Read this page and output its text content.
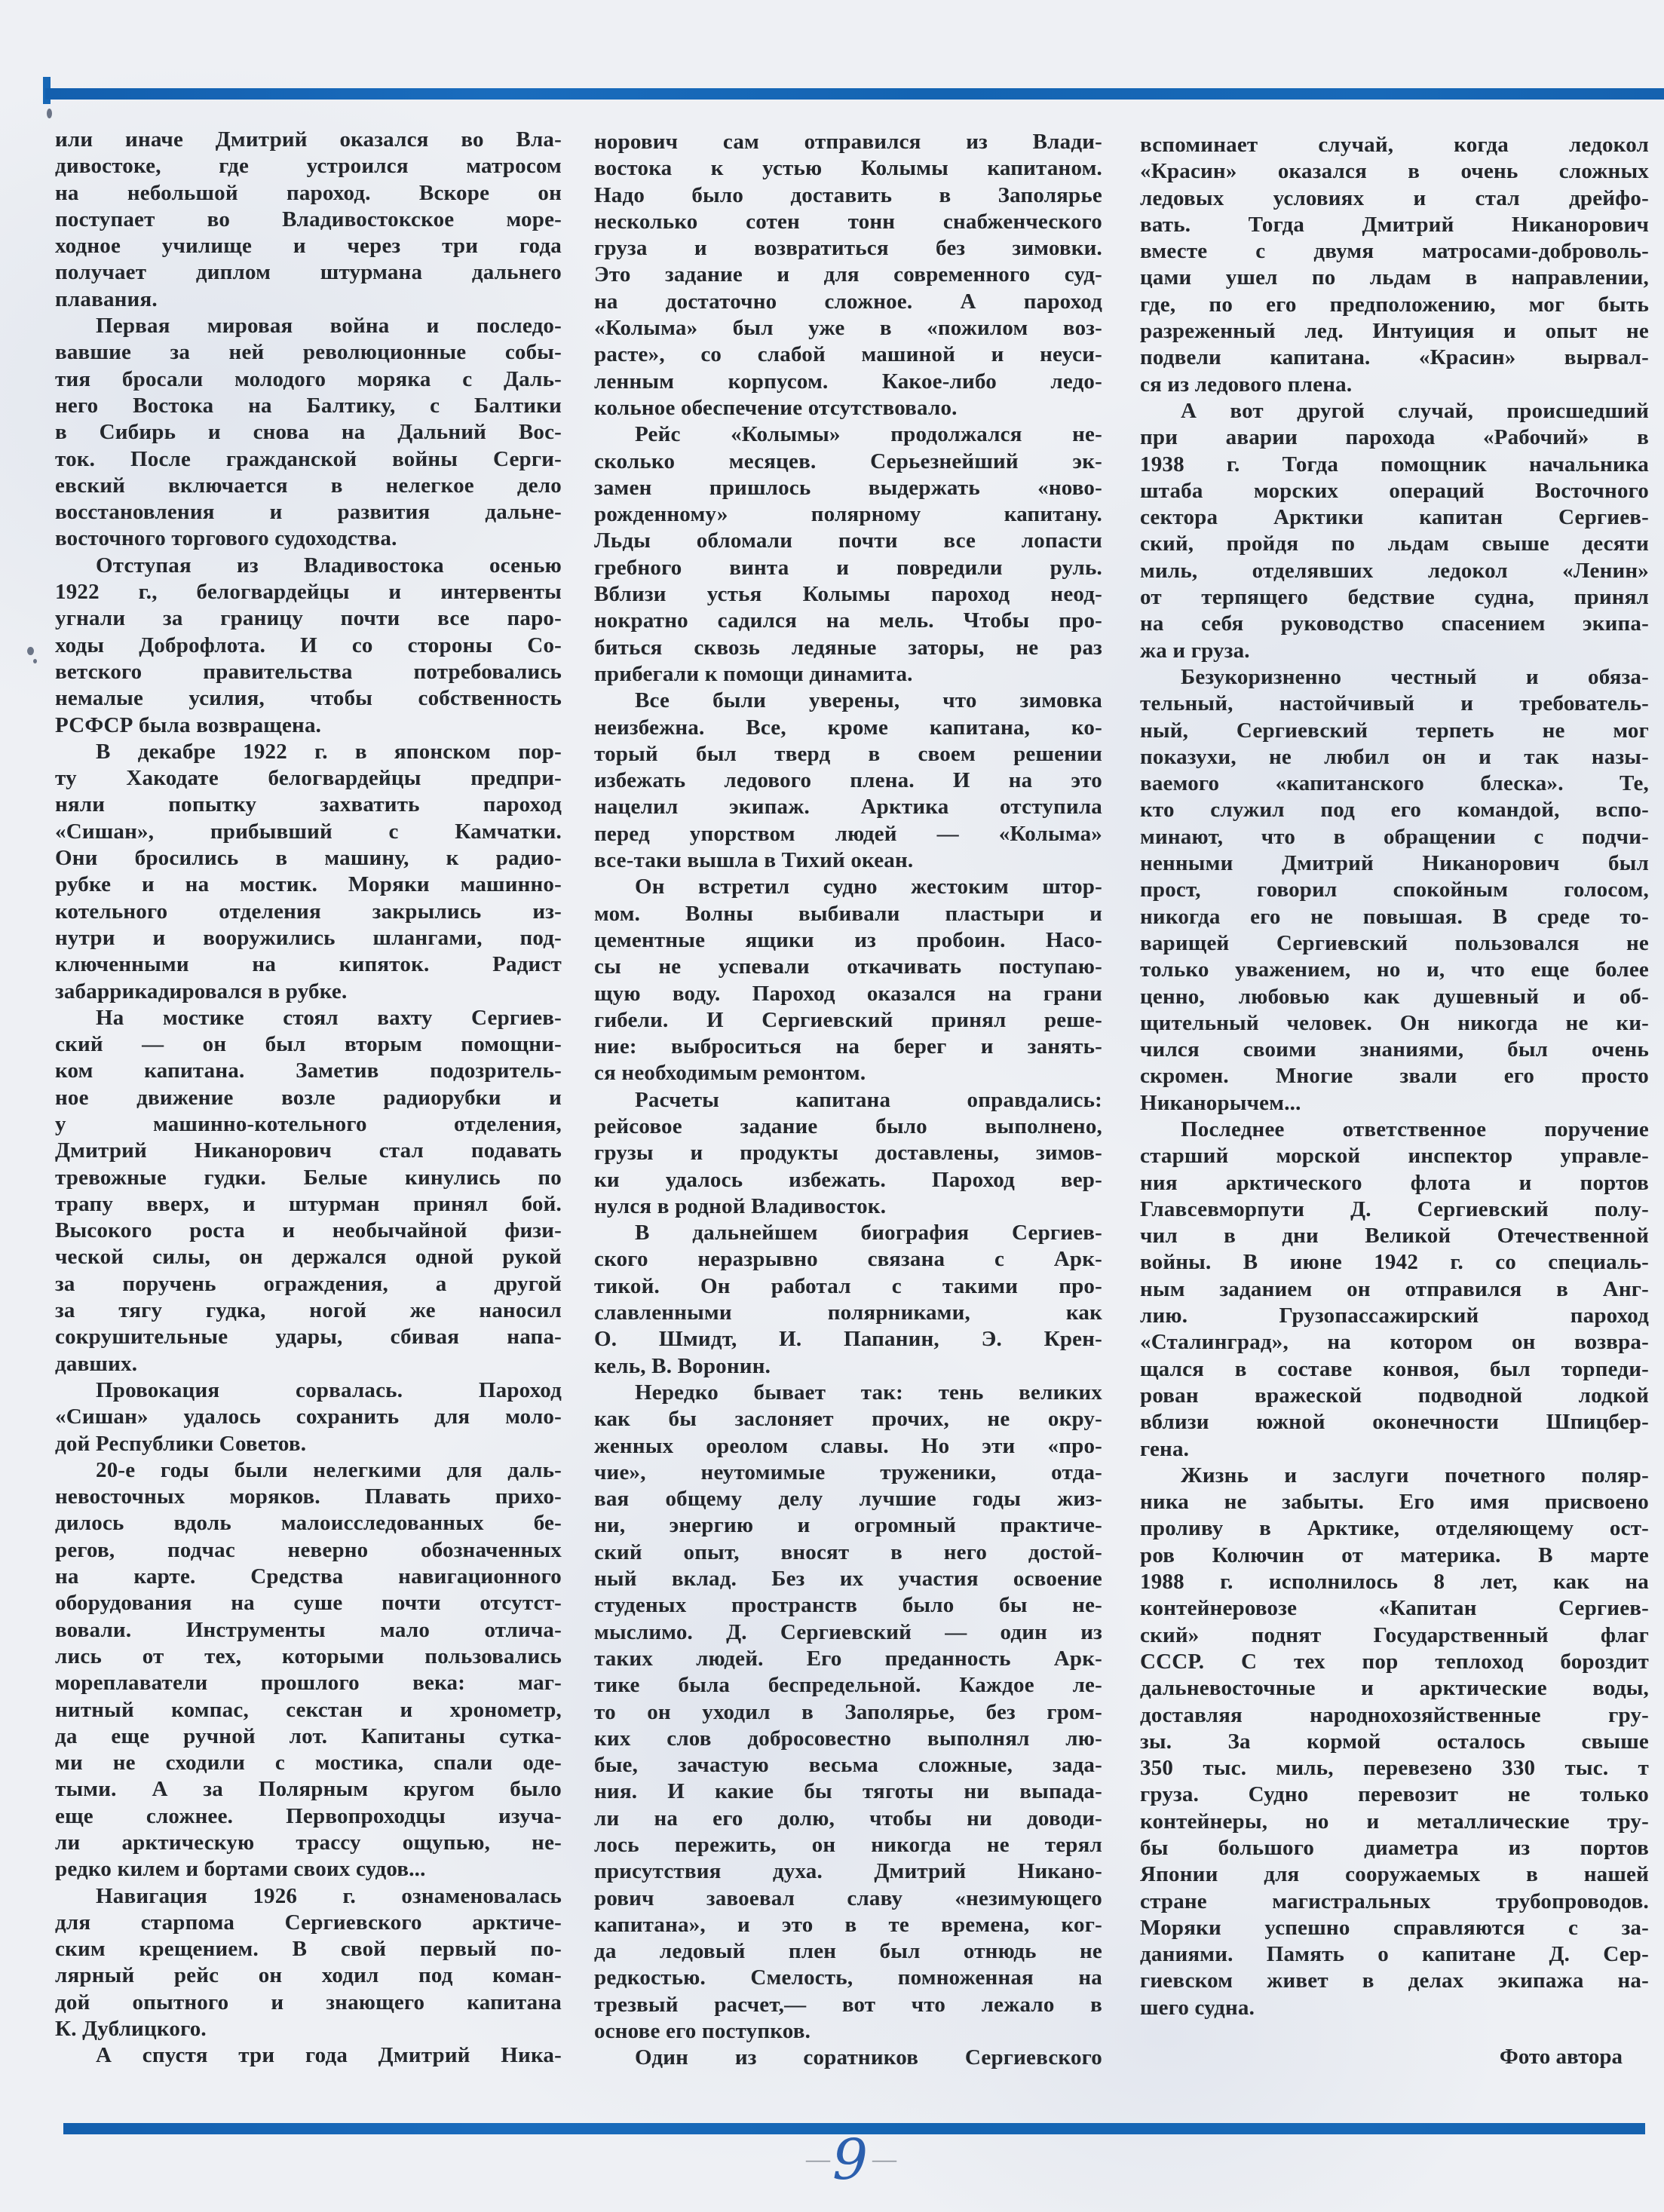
или иначе Дмитрий оказался во Вла-
дивостоке, где устроился матросом
на небольшой пароход. Вскоре он
поступает во Владивостокское море-
ходное училище и через три года
получает диплом штурмана дальнего
плавания.
Первая мировая война и последо-
вавшие за ней революционные собы-
тия бросали молодого моряка с Даль-
него Востока на Балтику, с Балтики
в Сибирь и снова на Дальний Вос-
ток. После гражданской войны Серги-
евский включается в нелегкое дело
восстановления и развития дальне-
восточного торгового судоходства.
Отступая из Владивостока осенью
1922 г., белогвардейцы и интервенты
угнали за границу почти все паро-
ходы Доброфлота. И со стороны Со-
ветского правительства потребовались
немалые усилия, чтобы собственность
РСФСР была возвращена.
В декабре 1922 г. в японском пор-
ту Хакодате белогвардейцы предпри-
няли попытку захватить пароход
«Сишан», прибывший с Камчатки.
Они бросились в машину, к радио-
рубке и на мостик. Моряки машинно-
котельного отделения закрылись из-
нутри и вооружились шлангами, под-
ключенными на кипяток. Радист
забаррикадировался в рубке.
На мостике стоял вахту Сергиев-
ский — он был вторым помощни-
ком капитана. Заметив подозритель-
ное движение возле радиорубки и
у машинно-котельного отделения,
Дмитрий Никанорович стал подавать
тревожные гудки. Белые кинулись по
трапу вверх, и штурман принял бой.
Высокого роста и необычайной физи-
ческой силы, он держался одной рукой
за поручень ограждения, а другой
за тягу гудка, ногой же наносил
сокрушительные удары, сбивая напа-
давших.
Провокация сорвалась. Пароход
«Сишан» удалось сохранить для моло-
дой Республики Советов.
20-е годы были нелегкими для даль-
невосточных моряков. Плавать прихо-
дилось вдоль малоисследованных бе-
регов, подчас неверно обозначенных
на карте. Средства навигационного
оборудования на суше почти отсутст-
вовали. Инструменты мало отлича-
лись от тех, которыми пользовались
мореплаватели прошлого века: маг-
нитный компас, секстан и хронометр,
да еще ручной лот. Капитаны сутка-
ми не сходили с мостика, спали оде-
тыми. А за Полярным кругом было
еще сложнее. Первопроходцы изуча-
ли арктическую трассу ощупью, не-
редко килем и бортами своих судов...
Навигация 1926 г. ознаменовалась
для старпома Сергиевского арктиче-
ским крещением. В свой первый по-
лярный рейс он ходил под коман-
дой опытного и знающего капитана
К. Дублицкого.
А спустя три года Дмитрий Ника-
норович сам отправился из Влади-
востока к устью Колымы капитаном.
Надо было доставить в Заполярье
несколько сотен тонн снабженческого
груза и возвратиться без зимовки.
Это задание и для современного суд-
на достаточно сложное. А пароход
«Колыма» был уже в «пожилом воз-
расте», со слабой машиной и неуси-
ленным корпусом. Какое-либо ледо-
кольное обеспечение отсутствовало.
Рейс «Колымы» продолжался не-
сколько месяцев. Серьезнейший эк-
замен пришлось выдержать «ново-
рожденному» полярному капитану.
Льды обломали почти все лопасти
гребного винта и повредили руль.
Вблизи устья Колымы пароход неод-
нократно садился на мель. Чтобы про-
биться сквозь ледяные заторы, не раз
прибегали к помощи динамита.
Все были уверены, что зимовка
неизбежна. Все, кроме капитана, ко-
торый был тверд в своем решении
избежать ледового плена. И на это
нацелил экипаж. Арктика отступила
перед упорством людей — «Колыма»
все-таки вышла в Тихий океан.
Он встретил судно жестоким штор-
мом. Волны выбивали пластыри и
цементные ящики из пробоин. Насо-
сы не успевали откачивать поступаю-
щую воду. Пароход оказался на грани
гибели. И Сергиевский принял реше-
ние: выброситься на берег и занять-
ся необходимым ремонтом.
Расчеты капитана оправдались:
рейсовое задание было выполнено,
грузы и продукты доставлены, зимов-
ки удалось избежать. Пароход вер-
нулся в родной Владивосток.
В дальнейшем биография Сергиев-
ского неразрывно связана с Арк-
тикой. Он работал с такими про-
славленными полярниками, как
О. Шмидт, И. Папанин, Э. Крен-
кель, В. Воронин.
Нередко бывает так: тень великих
как бы заслоняет прочих, не окру-
женных ореолом славы. Но эти «про-
чие», неутомимые труженики, отда-
вая общему делу лучшие годы жиз-
ни, энергию и огромный практиче-
ский опыт, вносят в него достой-
ный вклад. Без их участия освоение
студеных пространств было бы не-
мыслимо. Д. Сергиевский — один из
таких людей. Его преданность Арк-
тике была беспредельной. Каждое ле-
то он уходил в Заполярье, без гром-
ких слов добросовестно выполнял лю-
бые, зачастую весьма сложные, зада-
ния. И какие бы тяготы ни выпада-
ли на его долю, чтобы ни доводи-
лось пережить, он никогда не терял
присутствия духа. Дмитрий Никано-
рович завоевал славу «незимующего
капитана», и это в те времена, ког-
да ледовый плен был отнюдь не
редкостью. Смелость, помноженная на
трезвый расчет,— вот что лежало в
основе его поступков.
Один из соратников Сергиевского
вспоминает случай, когда ледокол
«Красин» оказался в очень сложных
ледовых условиях и стал дрейфо-
вать. Тогда Дмитрий Никанорович
вместе с двумя матросами-доброволь-
цами ушел по льдам в направлении,
где, по его предположению, мог быть
разреженный лед. Интуиция и опыт не
подвели капитана. «Красин» вырвал-
ся из ледового плена.
А вот другой случай, происшедший
при аварии парохода «Рабочий» в
1938 г. Тогда помощник начальника
штаба морских операций Восточного
сектора Арктики капитан Сергиев-
ский, пройдя по льдам свыше десяти
миль, отделявших ледокол «Ленин»
от терпящего бедствие судна, принял
на себя руководство спасением экипа-
жа и груза.
Безукоризненно честный и обяза-
тельный, настойчивый и требователь-
ный, Сергиевский терпеть не мог
показухи, не любил он и так назы-
ваемого «капитанского блеска». Те,
кто служил под его командой, вспо-
минают, что в обращении с подчи-
ненными Дмитрий Никанорович был
прост, говорил спокойным голосом,
никогда его не повышая. В среде то-
варищей Сергиевский пользовался не
только уважением, но и, что еще более
ценно, любовью как душевный и об-
щительный человек. Он никогда не ки-
чился своими знаниями, был очень
скромен. Многие звали его просто
Никанорычем...
Последнее ответственное поручение
старший морской инспектор управле-
ния арктического флота и портов
Главсевморпути Д. Сергиевский полу-
чил в дни Великой Отечественной
войны. В июне 1942 г. со специаль-
ным заданием он отправился в Анг-
лию. Грузопассажирский пароход
«Сталинград», на котором он возвра-
щался в составе конвоя, был торпеди-
рован вражеской подводной лодкой
вблизи южной оконечности Шпицбер-
гена.
Жизнь и заслуги почетного поляр-
ника не забыты. Его имя присвоено
проливу в Арктике, отделяющему ост-
ров Колючин от материка. В марте
1988 г. исполнилось 8 лет, как на
контейнеровозе «Капитан Сергиев-
ский» поднят Государственный флаг
СССР. С тех пор теплоход бороздит
дальневосточные и арктические воды,
доставляя народнохозяйственные гру-
зы. За кормой осталось свыше
350 тыс. миль, перевезено 330 тыс. т
груза. Судно перевозит не только
контейнеры, но и металлические тру-
бы большого диаметра из портов
Японии для сооружаемых в нашей
стране магистральных трубопроводов.
Моряки успешно справляются с за-
даниями. Память о капитане Д. Сер-
гиевском живет в делах экипажа на-
шего судна.
Фото автора
—9 —
